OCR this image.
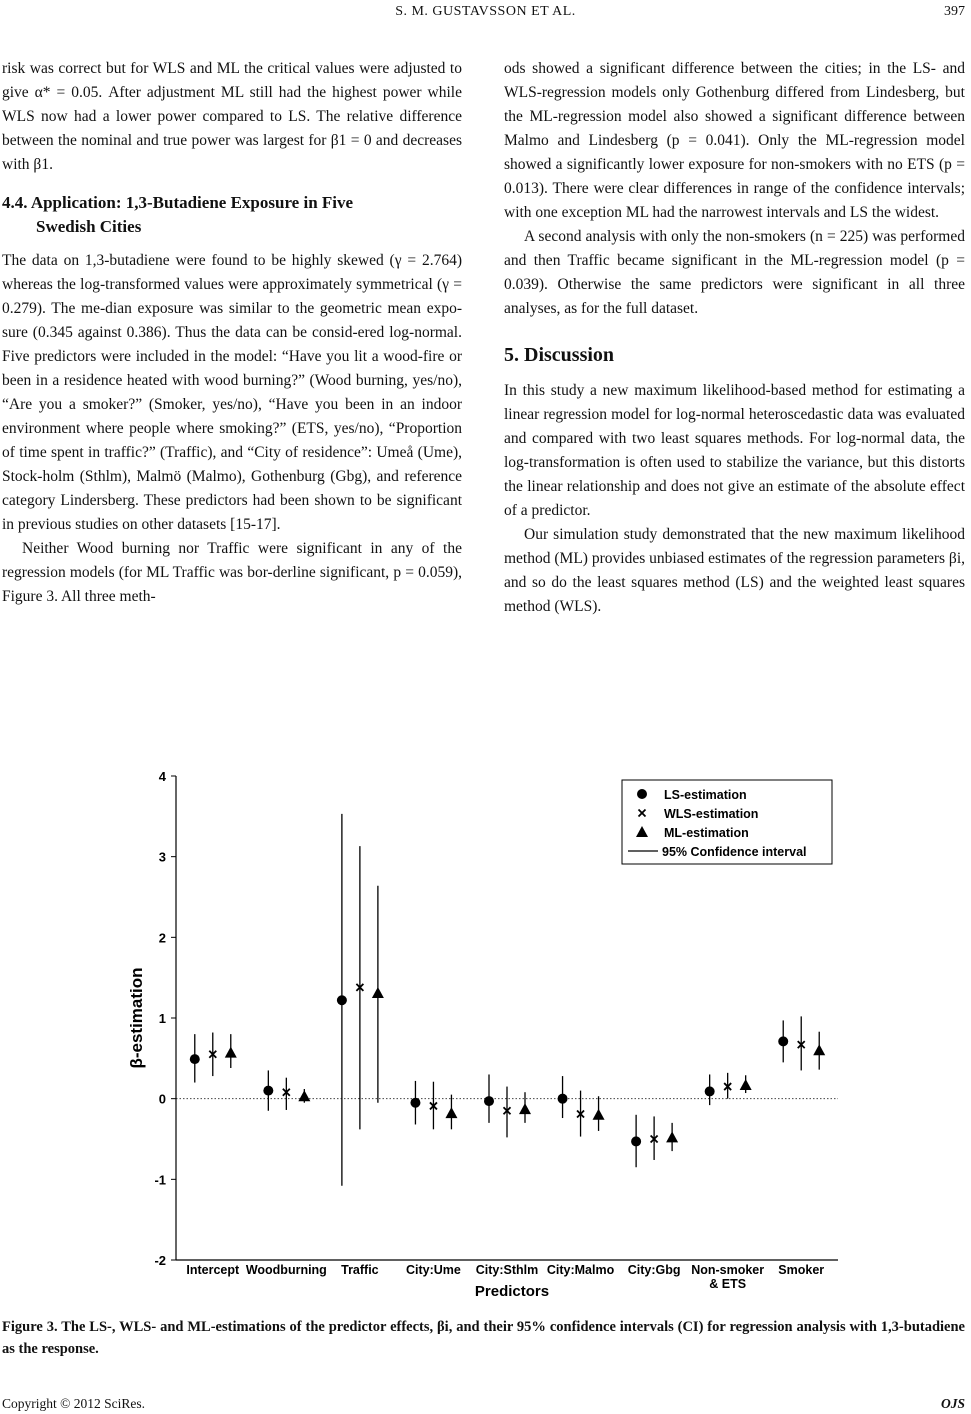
S. M. GUSTAVSSON ET AL.	397

risk was correct but for WLS and ML the critical values were adjusted to give α* = 0.05. After adjustment ML still had the highest power while WLS now had a lower power compared to LS. The relative difference between the nominal and true power was largest for β1 = 0 and decreases with β1.

4.4. Application: 1,3-Butadiene Exposure in Five
Swedish Cities

The data on 1,3-butadiene were found to be highly skewed (γ = 2.764) whereas the log-transformed values were approximately symmetrical (γ = 0.279). The me-dian exposure was similar to the geometric mean expo-sure (0.345 against 0.386). Thus the data can be consid-ered log-normal. Five predictors were included in the model: “Have you lit a wood-fire or been in a residence heated with wood burning?” (Wood burning, yes/no), “Are you a smoker?” (Smoker, yes/no), “Have you been in an indoor environment where people where smoking?” (ETS, yes/no), “Proportion of time spent in traffic?” (Traffic), and “City of residence”: Umeå (Ume), Stock-holm (Sthlm), Malmö (Malmo), Gothenburg (Gbg), and reference category Lindersberg. These predictors had been shown to be significant in previous studies on other datasets [15-17].

Neither Wood burning nor Traffic were significant in any of the regression models (for ML Traffic was bor-derline significant, p = 0.059), Figure 3. All three meth-

ods showed a significant difference between the cities; in the LS- and WLS-regression models only Gothenburg differed from Lindesberg, but the ML-regression model also showed a significant difference between Malmo and Lindesberg (p = 0.041). Only the ML-regression model showed a significantly lower exposure for non-smokers with no ETS (p = 0.013). There were clear differences in range of the confidence intervals; with one exception ML had the narrowest intervals and LS the widest.

A second analysis with only the non-smokers (n = 225) was performed and then Traffic became significant in the ML-regression model (p = 0.039). Otherwise the same predictors were significant in all three analyses, as for the full dataset.

5. Discussion

In this study a new maximum likelihood-based method for estimating a linear regression model for log-normal heteroscedastic data was evaluated and compared with two least squares methods. For log-normal data, the log-transformation is often used to stabilize the variance, but this distorts the linear relationship and does not give an estimate of the absolute effect of a predictor.

Our simulation study demonstrated that the new maximum likelihood method (ML) provides unbiased estimates of the regression parameters βi, and so do the least squares method (LS) and the weighted least squares method (WLS).

-2
-1
0
1
2
3
4
β-estimation
Intercept Woodburning Traffic City:Ume City:Sthlm City:Malmo City:Gbg Non-smoker
& ETS
Smoker
Predictors
LS-estimation
WLS-estimation
ML-estimation
95% Confidence interval
Figure 3. The LS-, WLS- and ML-estimations of the predictor effects, βi, and their 95% confidence intervals (CI) for regression analysis with 1,3-butadiene as the response.
Copyright © 2012 SciRes.	OJS
